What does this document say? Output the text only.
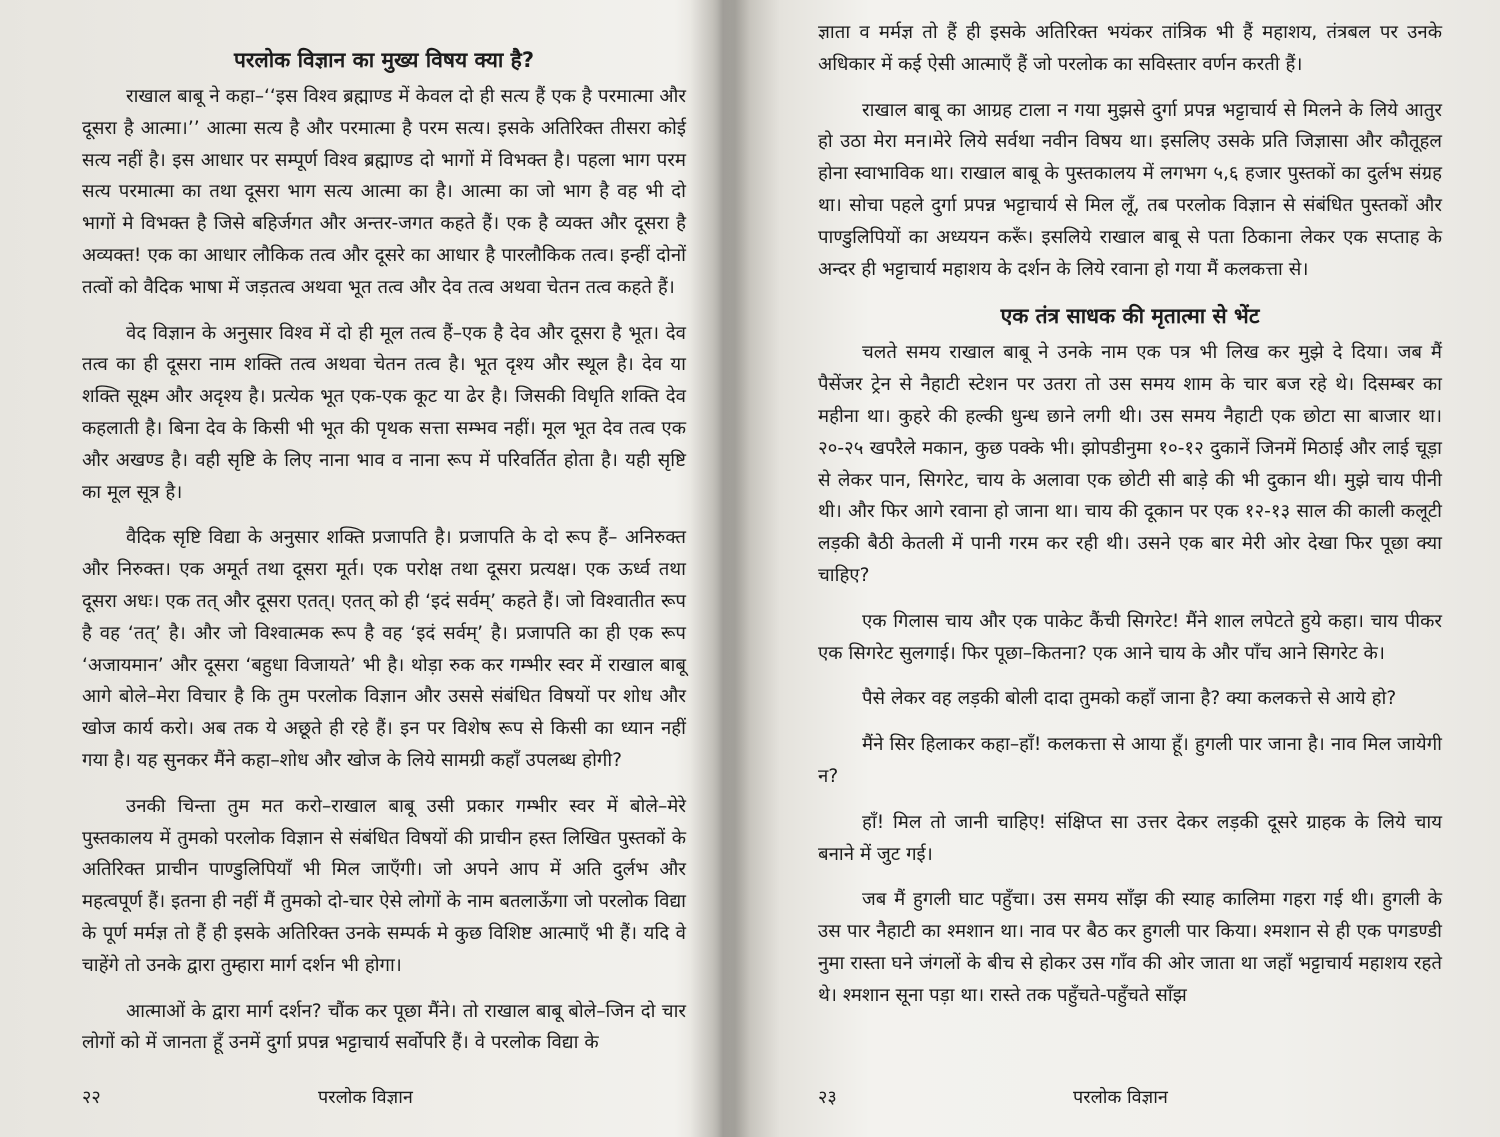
परलोक विज्ञान का मुख्य विषय क्या है?

राखाल बाबू ने कहा–‘‘इस विश्व ब्रह्माण्ड में केवल दो ही सत्य हैं एक है परमात्मा और दूसरा है आत्मा।’’ आत्मा सत्य है और परमात्मा है परम सत्य। इसके अतिरिक्त तीसरा कोई सत्य नहीं है। इस आधार पर सम्पूर्ण विश्व ब्रह्माण्ड दो भागों में विभक्त है। पहला भाग परम सत्य परमात्मा का तथा दूसरा भाग सत्य आत्मा का है। आत्मा का जो भाग है वह भी दो भागों मे विभक्त है जिसे बहिर्जगत और अन्तर-जगत कहते हैं। एक है व्यक्त और दूसरा है अव्यक्त! एक का आधार लौकिक तत्व और दूसरे का आधार है पारलौकिक तत्व। इन्हीं दोनों तत्वों को वैदिक भाषा में जड़तत्व अथवा भूत तत्व और देव तत्व अथवा चेतन तत्व कहते हैं।

वेद विज्ञान के अनुसार विश्व में दो ही मूल तत्व हैं–एक है देव और दूसरा है भूत। देव तत्व का ही दूसरा नाम शक्ति तत्व अथवा चेतन तत्व है। भूत दृश्य और स्थूल है। देव या शक्ति सूक्ष्म और अदृश्य है। प्रत्येक भूत एक-एक कूट या ढेर है। जिसकी विधृति शक्ति देव कहलाती है। बिना देव के किसी भी भूत की पृथक सत्ता सम्भव नहीं। मूल भूत देव तत्व एक और अखण्ड है। वही सृष्टि के लिए नाना भाव व नाना रूप में परिवर्तित होता है। यही सृष्टि का मूल सूत्र है।

वैदिक सृष्टि विद्या के अनुसार शक्ति प्रजापति है। प्रजापति के दो रूप हैं– अनिरुक्त और निरुक्त। एक अमूर्त तथा दूसरा मूर्त। एक परोक्ष तथा दूसरा प्रत्यक्ष। एक ऊर्ध्व तथा दूसरा अधः। एक तत् और दूसरा एतत्। एतत् को ही ‘इदं सर्वम्’ कहते हैं। जो विश्वातीत रूप है वह ‘तत्’ है। और जो विश्वात्मक रूप है वह ‘इदं सर्वम्’ है। प्रजापति का ही एक रूप ‘अजायमान’ और दूसरा ‘बहुधा विजायते’ भी है। थोड़ा रुक कर गम्भीर स्वर में राखाल बाबू आगे बोले–मेरा विचार है कि तुम परलोक विज्ञान और उससे संबंधित विषयों पर शोध और खोज कार्य करो। अब तक ये अछूते ही रहे हैं। इन पर विशेष रूप से किसी का ध्यान नहीं गया है। यह सुनकर मैंने कहा–शोध और खोज के लिये सामग्री कहाँ उपलब्ध होगी?

उनकी चिन्ता तुम मत करो–राखाल बाबू उसी प्रकार गम्भीर स्वर में बोले–मेरे पुस्तकालय में तुमको परलोक विज्ञान से संबंधित विषयों की प्राचीन हस्त लिखित पुस्तकों के अतिरिक्त प्राचीन पाण्डुलिपियाँ भी मिल जाएँगी। जो अपने आप में अति दुर्लभ और महत्वपूर्ण हैं। इतना ही नहीं मैं तुमको दो-चार ऐसे लोगों के नाम बतलाऊँगा जो परलोक विद्या के पूर्ण मर्मज्ञ तो हैं ही इसके अतिरिक्त उनके सम्पर्क मे कुछ विशिष्ट आत्माएँ भी हैं। यदि वे चाहेंगे तो उनके द्वारा तुम्हारा मार्ग दर्शन भी होगा।

आत्माओं के द्वारा मार्ग दर्शन? चौंक कर पूछा मैंने। तो राखाल बाबू बोले–जिन दो चार लोगों को में जानता हूँ उनमें दुर्गा प्रपन्न भट्टाचार्य सर्वोपरि हैं। वे परलोक विद्या के

२२	परलोक विज्ञान

ज्ञाता व मर्मज्ञ तो हैं ही इसके अतिरिक्त भयंकर तांत्रिक भी हैं महाशय, तंत्रबल पर उनके अधिकार में कई ऐसी आत्माएँ हैं जो परलोक का सविस्तार वर्णन करती हैं।

राखाल बाबू का आग्रह टाला न गया मुझसे दुर्गा प्रपन्न भट्टाचार्य से मिलने के लिये आतुर हो उठा मेरा मन।मेरे लिये सर्वथा नवीन विषय था। इसलिए उसके प्रति जिज्ञासा और कौतूहल होना स्वाभाविक था। राखाल बाबू के पुस्तकालय में लगभग ५,६ हजार पुस्तकों का दुर्लभ संग्रह था। सोचा पहले दुर्गा प्रपन्न भट्टाचार्य से मिल लूँ, तब परलोक विज्ञान से संबंधित पुस्तकों और पाण्डुलिपियों का अध्ययन करूँ। इसलिये राखाल बाबू से पता ठिकाना लेकर एक सप्ताह के अन्दर ही भट्टाचार्य महाशय के दर्शन के लिये रवाना हो गया मैं कलकत्ता से।

एक तंत्र साधक की मृतात्मा से भेंट

चलते समय राखाल बाबू ने उनके नाम एक पत्र भी लिख कर मुझे दे दिया। जब मैं पैसेंजर ट्रेन से नैहाटी स्टेशन पर उतरा तो उस समय शाम के चार बज रहे थे। दिसम्बर का महीना था। कुहरे की हल्की धुन्ध छाने लगी थी। उस समय नैहाटी एक छोटा सा बाजार था। २०-२५ खपरैले मकान, कुछ पक्के भी। झोपडीनुमा १०-१२ दुकानें जिनमें मिठाई और लाई चूड़ा से लेकर पान, सिगरेट, चाय के अलावा एक छोटी सी बाड़े की भी दुकान थी। मुझे चाय पीनी थी। और फिर आगे रवाना हो जाना था। चाय की दूकान पर एक १२-१३ साल की काली कलूटी लड़की बैठी केतली में पानी गरम कर रही थी। उसने एक बार मेरी ओर देखा फिर पूछा क्या चाहिए?

एक गिलास चाय और एक पाकेट कैंची सिगरेट! मैंने शाल लपेटते हुये कहा। चाय पीकर एक सिगरेट सुलगाई। फिर पूछा–कितना? एक आने चाय के और पाँच आने सिगरेट के।

पैसे लेकर वह लड़की बोली दादा तुमको कहाँ जाना है? क्या कलकत्ते से आये हो?

मैंने सिर हिलाकर कहा–हाँ! कलकत्ता से आया हूँ। हुगली पार जाना है। नाव मिल जायेगी न?

हाँ! मिल तो जानी चाहिए! संक्षिप्त सा उत्तर देकर लड़की दूसरे ग्राहक के लिये चाय बनाने में जुट गई।

जब मैं हुगली घाट पहुँचा। उस समय साँझ की स्याह कालिमा गहरा गई थी। हुगली के उस पार नैहाटी का श्मशान था। नाव पर बैठ कर हुगली पार किया। श्मशान से ही एक पगडण्डी नुमा रास्ता घने जंगलों के बीच से होकर उस गाँव की ओर जाता था जहाँ भट्टाचार्य महाशय रहते थे। श्मशान सूना पड़ा था। रास्ते तक पहुँचते-पहुँचते साँझ

२३	परलोक विज्ञान
